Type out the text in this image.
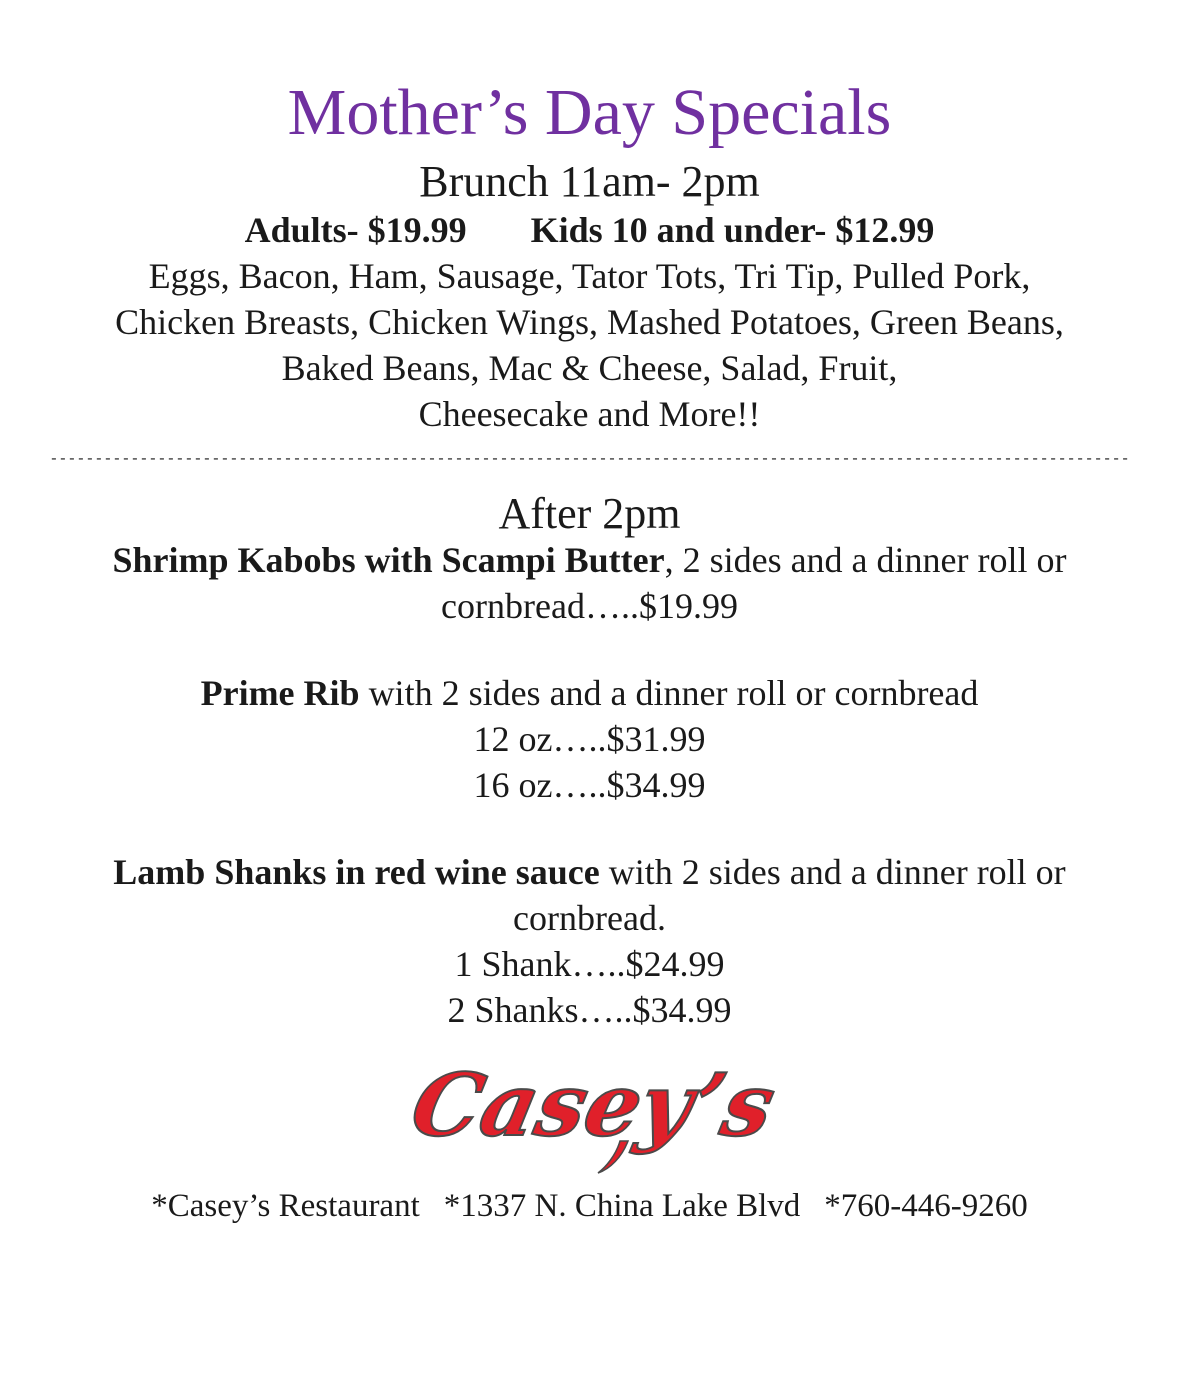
Mother’s Day Specials
Brunch 11am- 2pm
Adults- $19.99 Kids 10 and under- $12.99
Eggs, Bacon, Ham, Sausage, Tator Tots, Tri Tip, Pulled Pork,
Chicken Breasts, Chicken Wings, Mashed Potatoes, Green Beans,
Baked Beans, Mac & Cheese, Salad, Fruit,
Cheesecake and More!!
------------------------------------------------------------------------------------------------------------------------
After 2pm
Shrimp Kabobs with Scampi Butter, 2 sides and a dinner roll or
cornbread…..$19.99
Prime Rib with 2 sides and a dinner roll or cornbread
12 oz…..$31.99
16 oz…..$34.99
Lamb Shanks in red wine sauce with 2 sides and a dinner roll or
cornbread.
1 Shank…..$24.99
2 Shanks…..$34.99
Casey’s
*Casey’s Restaurant *1337 N. China Lake Blvd *760-446-9260
